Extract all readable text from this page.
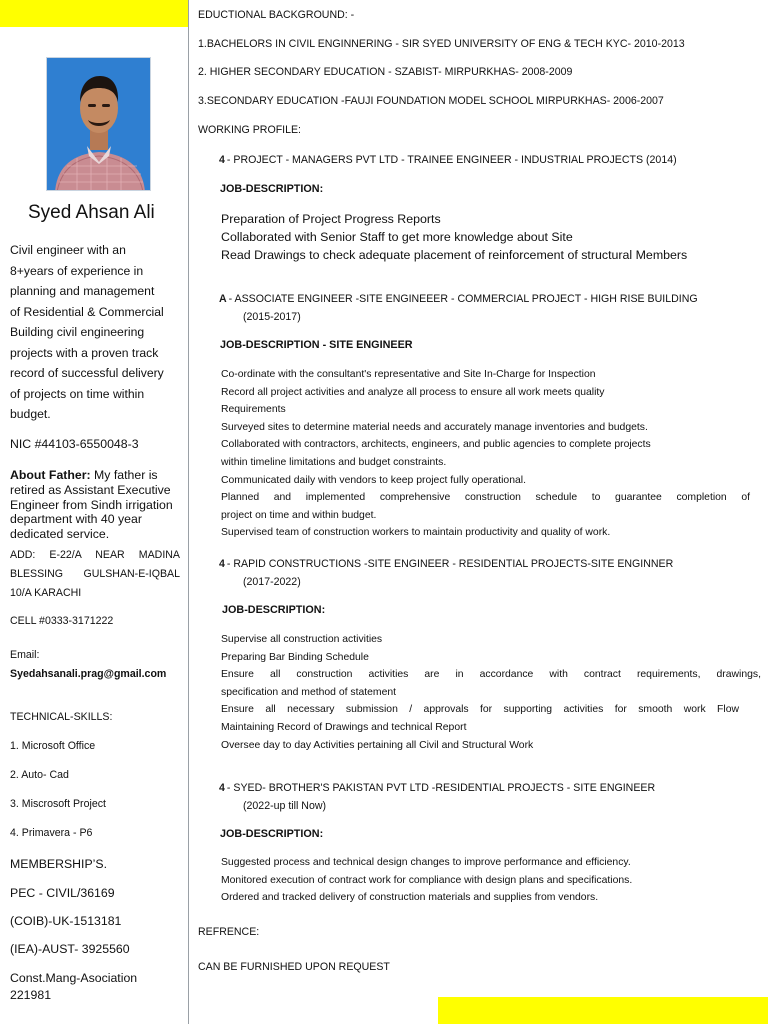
Syed Ahsan Ali
Civil engineer with an
8+years of experience in
planning and management
of Residential & Commercial
Building civil engineering
projects with a proven track
record of successful delivery
of projects on time within
budget.
NIC #44103-6550048-3
About Father: My father is retired as Assistant Executive Engineer from Sindh irrigation department with 40 year dedicated service.
ADD: E-22/A NEAR MADINA
BLESSING GULSHAN-E-IQBAL
10/A KARACHI
CELL #0333-3171222
Email:
Syedahsanali.prag@gmail.com
TECHNICAL-SKILLS:
1. Microsoft Office
2. Auto- Cad
3. Miscrosoft Project
4. Primavera - P6
MEMBERSHIP’S.
PEC - CIVIL/36169
(COIB)-UK-1513181
(IEA)-AUST- 3925560
Const.Mang-Asociation
221981
EDUCTIONAL BACKGROUND: -
1.BACHELORS IN CIVIL ENGINNERING - SIR SYED UNIVERSITY OF ENG & TECH KYC- 2010-2013
2. HIGHER SECONDARY EDUCATION - SZABIST- MIRPURKHAS- 2008-2009
3.SECONDARY EDUCATION -FAUJI FOUNDATION MODEL SCHOOL MIRPURKHAS- 2006-2007
WORKING PROFILE:
4 - PROJECT - MANAGERS PVT LTD - TRAINEE ENGINEER - INDUSTRIAL PROJECTS (2014)
JOB-DESCRIPTION:
Preparation of Project Progress Reports
Collaborated with Senior Staff to get more knowledge about Site
Read Drawings to check adequate placement of reinforcement of structural Members
A - ASSOCIATE ENGINEER -SITE ENGINEEER - COMMERCIAL PROJECT - HIGH RISE BUILDING
(2015-2017)
JOB-DESCRIPTION - SITE ENGINEER
Co-ordinate with the consultant's representative and Site In-Charge for Inspection
Record all project activities and analyze all process to ensure all work meets quality
Requirements
Surveyed sites to determine material needs and accurately manage inventories and budgets.
Collaborated with contractors, architects, engineers, and public agencies to complete projects
within timeline limitations and budget constraints.
Communicated daily with vendors to keep project fully operational.
Planned and implemented comprehensive construction schedule to guarantee completion of
project on time and within budget.
Supervised team of construction workers to maintain productivity and quality of work.
4 - RAPID CONSTRUCTIONS -SITE ENGINEER - RESIDENTIAL PROJECTS-SITE ENGINNER
(2017-2022)
JOB-DESCRIPTION:
Supervise all construction activities
Preparing Bar Binding Schedule
Ensure all construction activities are in accordance with contract requirements, drawings,
specification and method of statement
Ensure all necessary submission / approvals for supporting activities for smooth work Flow
Maintaining Record of Drawings and technical Report
Oversee day to day Activities pertaining all Civil and Structural Work
4 - SYED- BROTHER'S PAKISTAN PVT LTD -RESIDENTIAL PROJECTS - SITE ENGINEER
(2022-up till Now)
JOB-DESCRIPTION:
Suggested process and technical design changes to improve performance and efficiency.
Monitored execution of contract work for compliance with design plans and specifications.
Ordered and tracked delivery of construction materials and supplies from vendors.
REFRENCE:
CAN BE FURNISHED UPON REQUEST
